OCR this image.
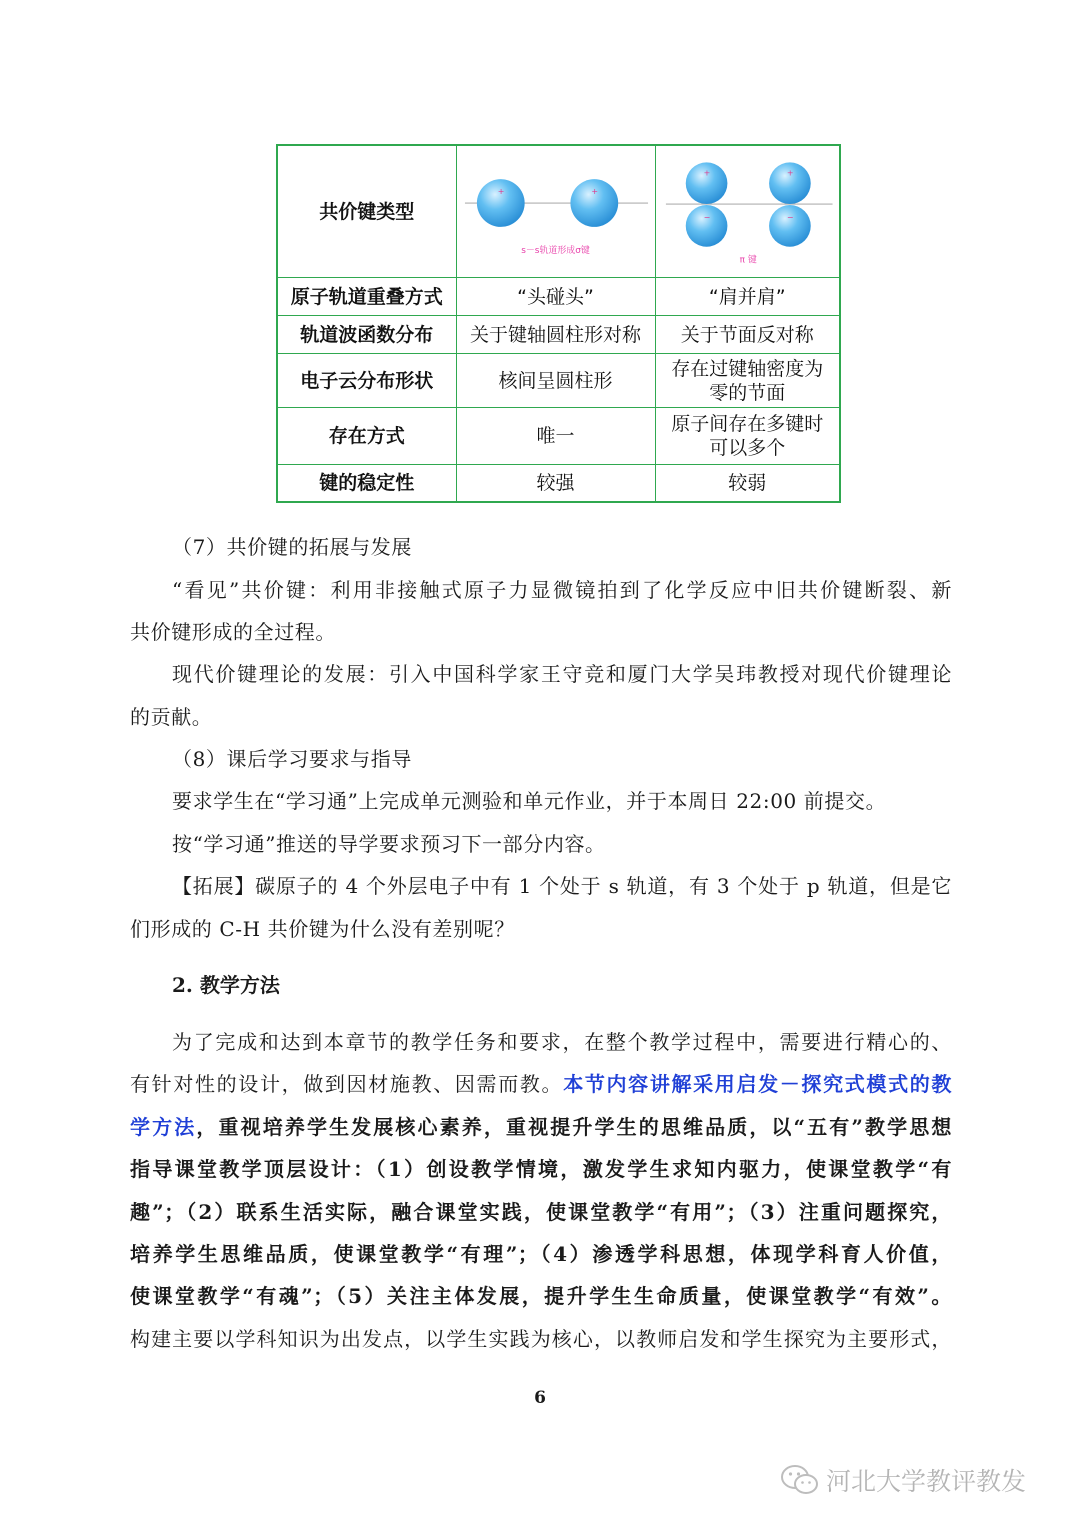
共价键类型	+ +
s－s轨道形成σ键	+ +
− −
π 键

原子轨道重叠方式	“头碰头”	“肩并肩”
轨道波函数分布	关于键轴圆柱形对称	关于节面反对称
电子云分布形状	核间呈圆柱形	存在过键轴密度为
零的节面

存在方式	唯一	原子间存在多键时
可以多个

键的稳定性	较强	较弱
（7）共价键的拓展与发展
“看见”共价键：利用非接触式原子力显微镜拍到了化学反应中旧共价键断裂、新
共价键形成的全过程。
现代价键理论的发展：引入中国科学家王守竞和厦门大学吴玮教授对现代价键理论
的贡献。
（8）课后学习要求与指导
要求学生在“学习通”上完成单元测验和单元作业，并于本周日 22:00 前提交。
按“学习通”推送的导学要求预习下一部分内容。
【拓展】碳原子的 4 个外层电子中有 1 个处于 s 轨道，有 3 个处于 p 轨道，但是它
们形成的 C-H 共价键为什么没有差别呢？
2. 教学方法
为了完成和达到本章节的教学任务和要求，在整个教学过程中，需要进行精心的、
有针对性的设计，做到因材施教、因需而教。本节内容讲解采用启发－探究式模式的教
学方法，重视培养学生发展核心素养，重视提升学生的思维品质，以“五有”教学思想
指导课堂教学顶层设计：（1）创设教学情境，激发学生求知内驱力，使课堂教学“有
趣”；（2）联系生活实际，融合课堂实践，使课堂教学“有用”；（3）注重问题探究，
培养学生思维品质，使课堂教学“有理”；（4）渗透学科思想，体现学科育人价值，
使课堂教学“有魂”；（5）关注主体发展，提升学生生命质量，使课堂教学“有效”。
构建主要以学科知识为出发点，以学生实践为核心，以教师启发和学生探究为主要形式，
6
河北大学教评教发
